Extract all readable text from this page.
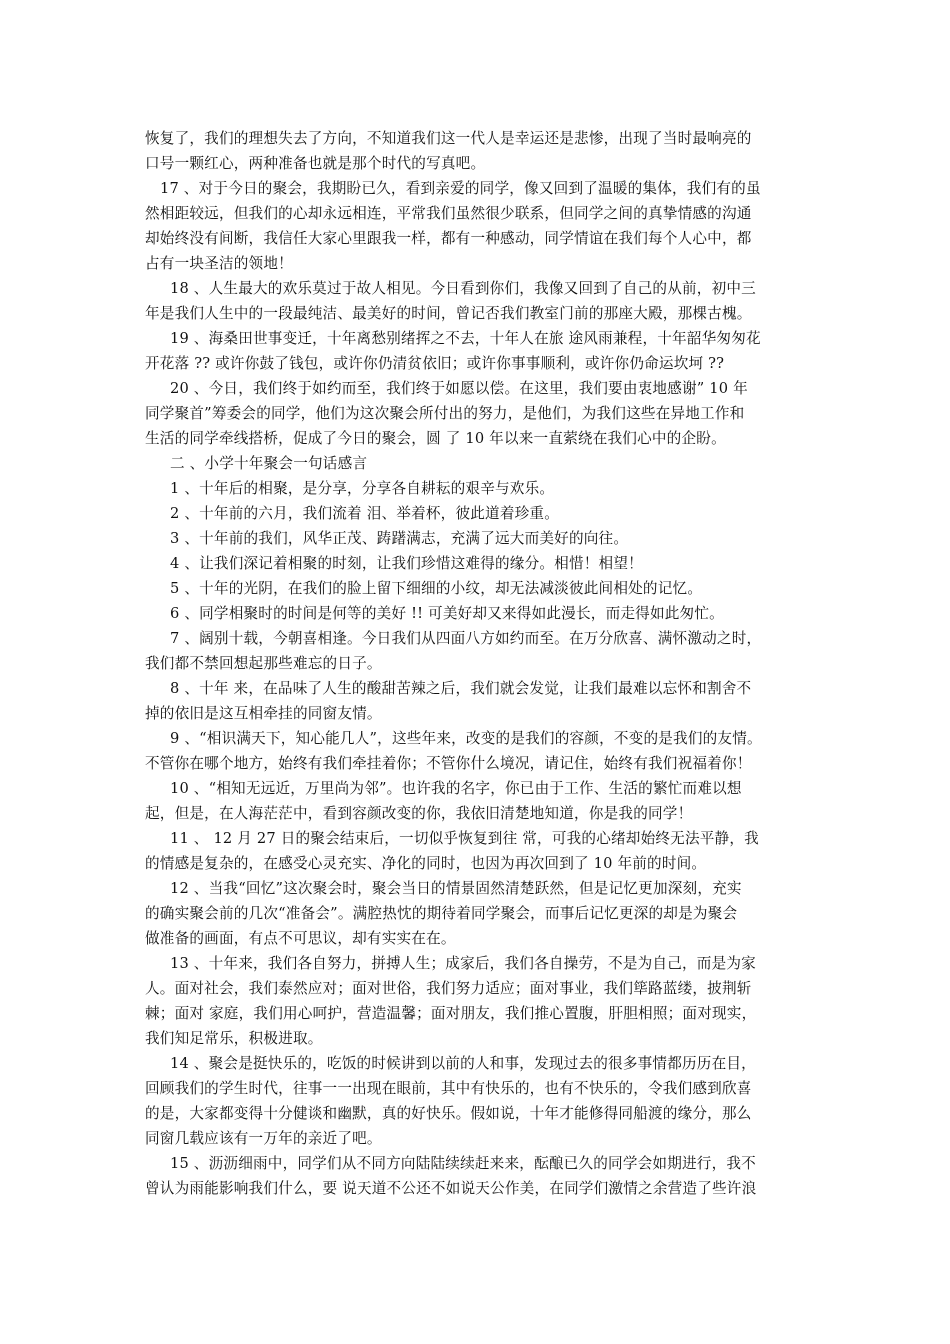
恢复了，我们的理想失去了方向，不知道我们这一代人是幸运还是悲惨，出现了当时最响亮的
口号一颗红心，两种准备也就是那个时代的写真吧。
17 、对于今日的聚会，我期盼已久，看到亲爱的同学，像又回到了温暖的集体，我们有的虽
然相距较远，但我们的心却永远相连，平常我们虽然很少联系，但同学之间的真挚情感的沟通
却始终没有间断，我信任大家心里跟我一样，都有一种感动，同学情谊在我们每个人心中，都
占有一块圣洁的领地！
18 、人生最大的欢乐莫过于故人相见。今日看到你们，我像又回到了自己的从前，初中三
年是我们人生中的一段最纯洁、最美好的时间，曾记否我们教室门前的那座大殿，那棵古槐。
19 、海桑田世事变迁，十年离愁别绪挥之不去，十年人在旅 途风雨兼程，十年韶华匆匆花
开花落 ?? 或许你鼓了钱包，或许你仍清贫依旧；或许你事事顺利，或许你仍命运坎坷 ??
20 、今日，我们终于如约而至，我们终于如愿以偿。在这里，我们要由衷地感谢” 10 年
同学聚首”筹委会的同学，他们为这次聚会所付出的努力，是他们，为我们这些在异地工作和
生活的同学牵线搭桥，促成了今日的聚会，圆 了 10 年以来一直萦绕在我们心中的企盼。
二 、小学十年聚会一句话感言
1 、十年后的相聚，是分享，分享各自耕耘的艰辛与欢乐。
2 、十年前的六月，我们流着 泪、举着杯，彼此道着珍重。
3 、十年前的我们，风华正茂、踌躇满志，充满了远大而美好的向往。
4 、让我们深记着相聚的时刻，让我们珍惜这难得的缘分。相惜！相望！
5 、十年的光阴，在我们的脸上留下细细的小纹，却无法减淡彼此间相处的记忆。
6 、同学相聚时的时间是何等的美好 !! 可美好却又来得如此漫长，而走得如此匆忙。
7 、阔别十载，今朝喜相逢。今日我们从四面八方如约而至。在万分欣喜、满怀激动之时，
我们都不禁回想起那些难忘的日子。
8 、十年 来，在品味了人生的酸甜苦辣之后，我们就会发觉，让我们最难以忘怀和割舍不
掉的依旧是这互相牵挂的同窗友情。
9 、“相识满天下，知心能几人”，这些年来，改变的是我们的容颜，不变的是我们的友情。
不管你在哪个地方，始终有我们牵挂着你；不管你什么境况，请记住，始终有我们祝福着你！
10 、“相知无远近，万里尚为邻”。也许我的名字，你已由于工作、生活的繁忙而难以想
起，但是，在人海茫茫中，看到容颜改变的你，我依旧清楚地知道，你是我的同学！
11 、 12 月 27 日的聚会结束后，一切似乎恢复到往 常，可我的心绪却始终无法平静，我
的情感是复杂的，在感受心灵充实、净化的同时，也因为再次回到了 10 年前的时间。
12 、当我“回忆”这次聚会时，聚会当日的情景固然清楚跃然，但是记忆更加深刻，充实
的确实聚会前的几次“准备会”。满腔热忱的期待着同学聚会，而事后记忆更深的却是为聚会
做准备的画面，有点不可思议，却有实实在在。
13 、十年来，我们各自努力，拼搏人生；成家后，我们各自操劳，不是为自己，而是为家
人。面对社会，我们泰然应对；面对世俗，我们努力适应；面对事业，我们筚路蓝缕，披荆斩
棘；面对 家庭，我们用心呵护，营造温馨；面对朋友，我们推心置腹，肝胆相照；面对现实，
我们知足常乐，积极进取。
14 、聚会是挺快乐的，吃饭的时候讲到以前的人和事，发现过去的很多事情都历历在目，
回顾我们的学生时代，往事一一出现在眼前，其中有快乐的，也有不快乐的，令我们感到欣喜
的是，大家都变得十分健谈和幽默，真的好快乐。假如说，十年才能修得同船渡的缘分，那么
同窗几载应该有一万年的亲近了吧。
15 、沥沥细雨中，同学们从不同方向陆陆续续赶来来，酝酿已久的同学会如期进行，我不
曾认为雨能影响我们什么，要 说天道不公还不如说天公作美，在同学们激情之余营造了些许浪
